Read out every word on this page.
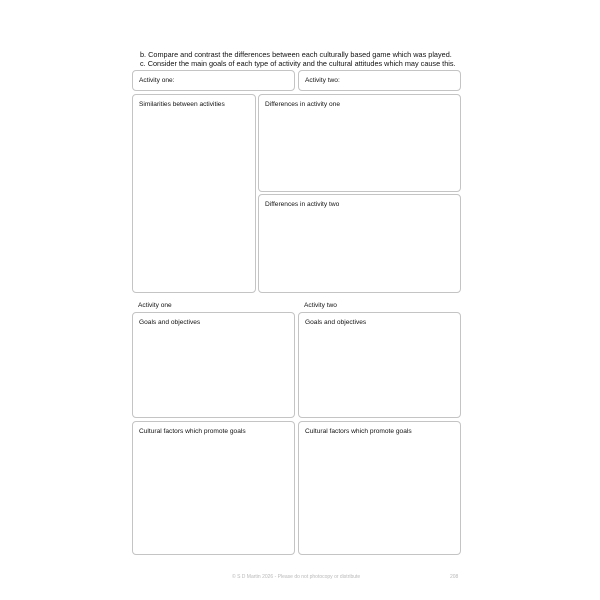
b. Compare and contrast the differences between each culturally based game which was played.
c. Consider the main goals of each type of activity and the cultural attitudes which may cause this.
Activity one:	Activity two:
Similarities between activities	Differences in activity one
Differences in activity two
Activity one	Activity two
Goals and objectives	Goals and objectives
Cultural factors which promote goals	Cultural factors which promote goals
© S D Martin 2026 - Please do not photocopy or distribute	208
